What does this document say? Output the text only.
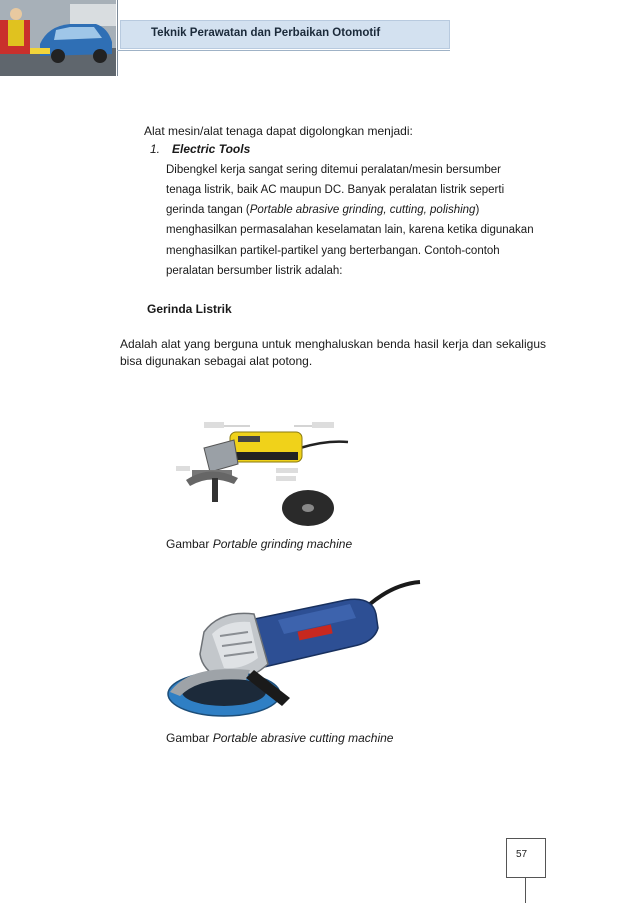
Teknik Perawatan dan Perbaikan Otomotif
Alat mesin/alat tenaga dapat digolongkan menjadi:
1. Electric Tools
Dibengkel kerja sangat sering ditemui peralatan/mesin bersumber
tenaga listrik, baik AC maupun DC. Banyak peralatan listrik seperti
gerinda tangan (Portable abrasive grinding, cutting, polishing)
menghasilkan permasalahan keselamatan lain, karena ketika digunakan
menghasilkan partikel-partikel yang berterbangan. Contoh-contoh
peralatan bersumber listrik adalah:
Gerinda Listrik
Adalah alat yang berguna untuk menghaluskan benda hasil kerja dan sekaligus bisa digunakan sebagai alat potong.
Gambar Portable grinding machine
Gambar Portable abrasive cutting machine
57
